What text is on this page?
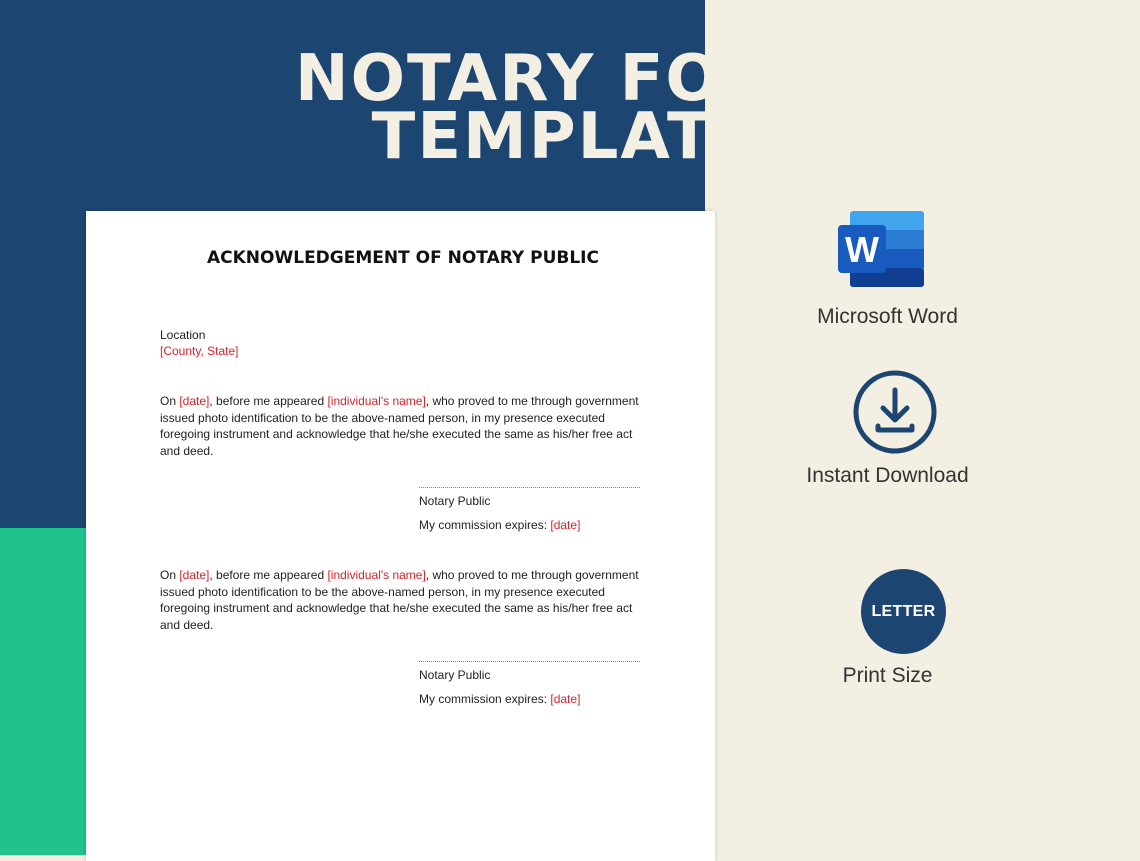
NOTARY FORM
TEMPLATE
ACKNOWLEDGEMENT OF NOTARY PUBLIC
Location
[County, State]
On [date], before me appeared [individual's name], who proved to me through government issued photo identification to be the above-named person, in my presence executed foregoing instrument and acknowledge that he/she executed the same as his/her free act and deed.
Notary Public
My commission expires: [date]
On [date], before me appeared [individual's name], who proved to me through government issued photo identification to be the above-named person, in my presence executed foregoing instrument and acknowledge that he/she executed the same as his/her free act and deed.
Notary Public
My commission expires: [date]
W
Microsoft Word
Instant Download
LETTER
Print Size
